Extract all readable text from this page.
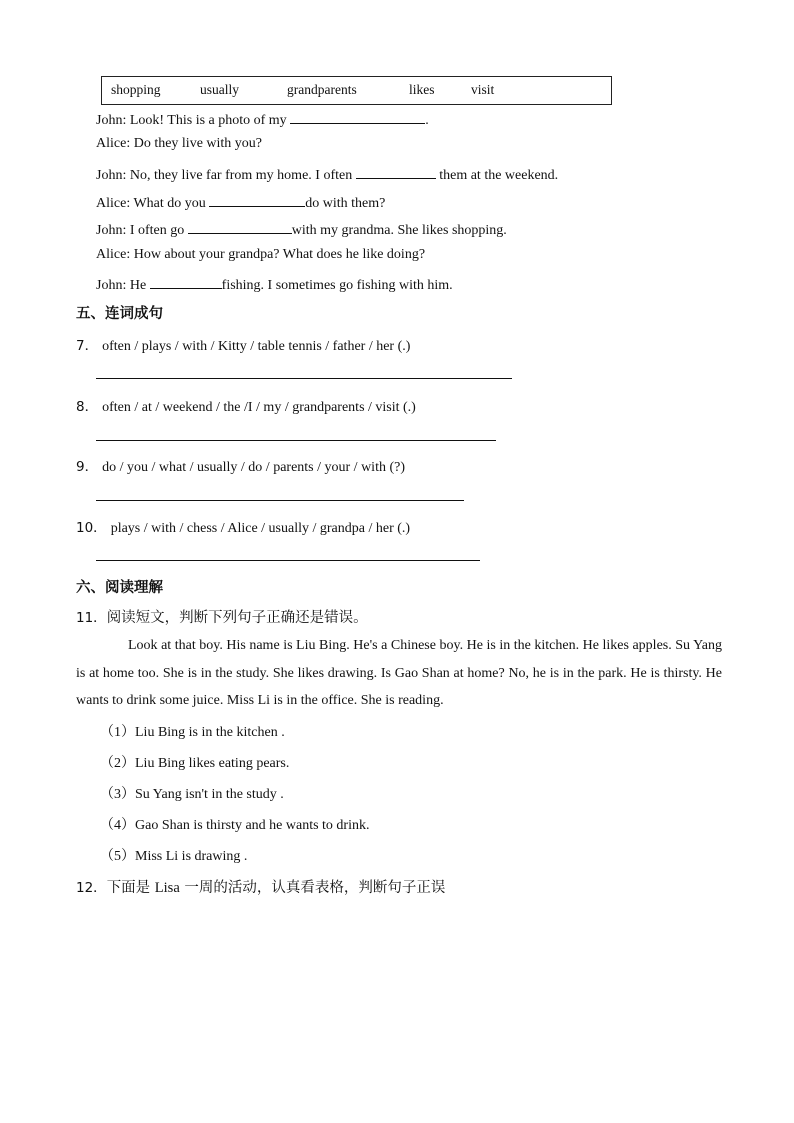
shopping	usually	grandparents	likes	visit
John: Look! This is a photo of my	.
Alice: Do they live with you?
John: No, they live far from my home. I often	them at the weekend.
Alice: What do you	do with them?
John: I often go	with my grandma. She likes shopping.
Alice: How about your grandpa? What does he like doing?
John: He	fishing. I sometimes go fishing with him.
五、连词成句
7． often / plays / with / Kitty / table tennis / father / her (.)
8． often / at / weekend / the /I / my / grandparents / visit (.)
9． do / you / what / usually / do / parents / your / with (?)
10． plays / with / chess / Alice / usually / grandpa / her (.)
六、阅读理解
11．阅读短文，判断下列句子正确还是错误。
Look at that boy. His name is Liu Bing. He's a Chinese boy. He is in the kitchen. He likes apples. Su Yang is at home too. She is in the study. She likes drawing. Is Gao Shan at home? No, he is in the park. He is thirsty. He wants to drink some juice. Miss Li is in the office. She is reading.
（1）Liu Bing is in the kitchen .
（2）Liu Bing likes eating pears.
（3）Su Yang isn't in the study .
（4）Gao Shan is thirsty and he wants to drink.
（5）Miss Li is drawing .
12．下面是 Lisa 一周的活动，认真看表格，判断句子正误
